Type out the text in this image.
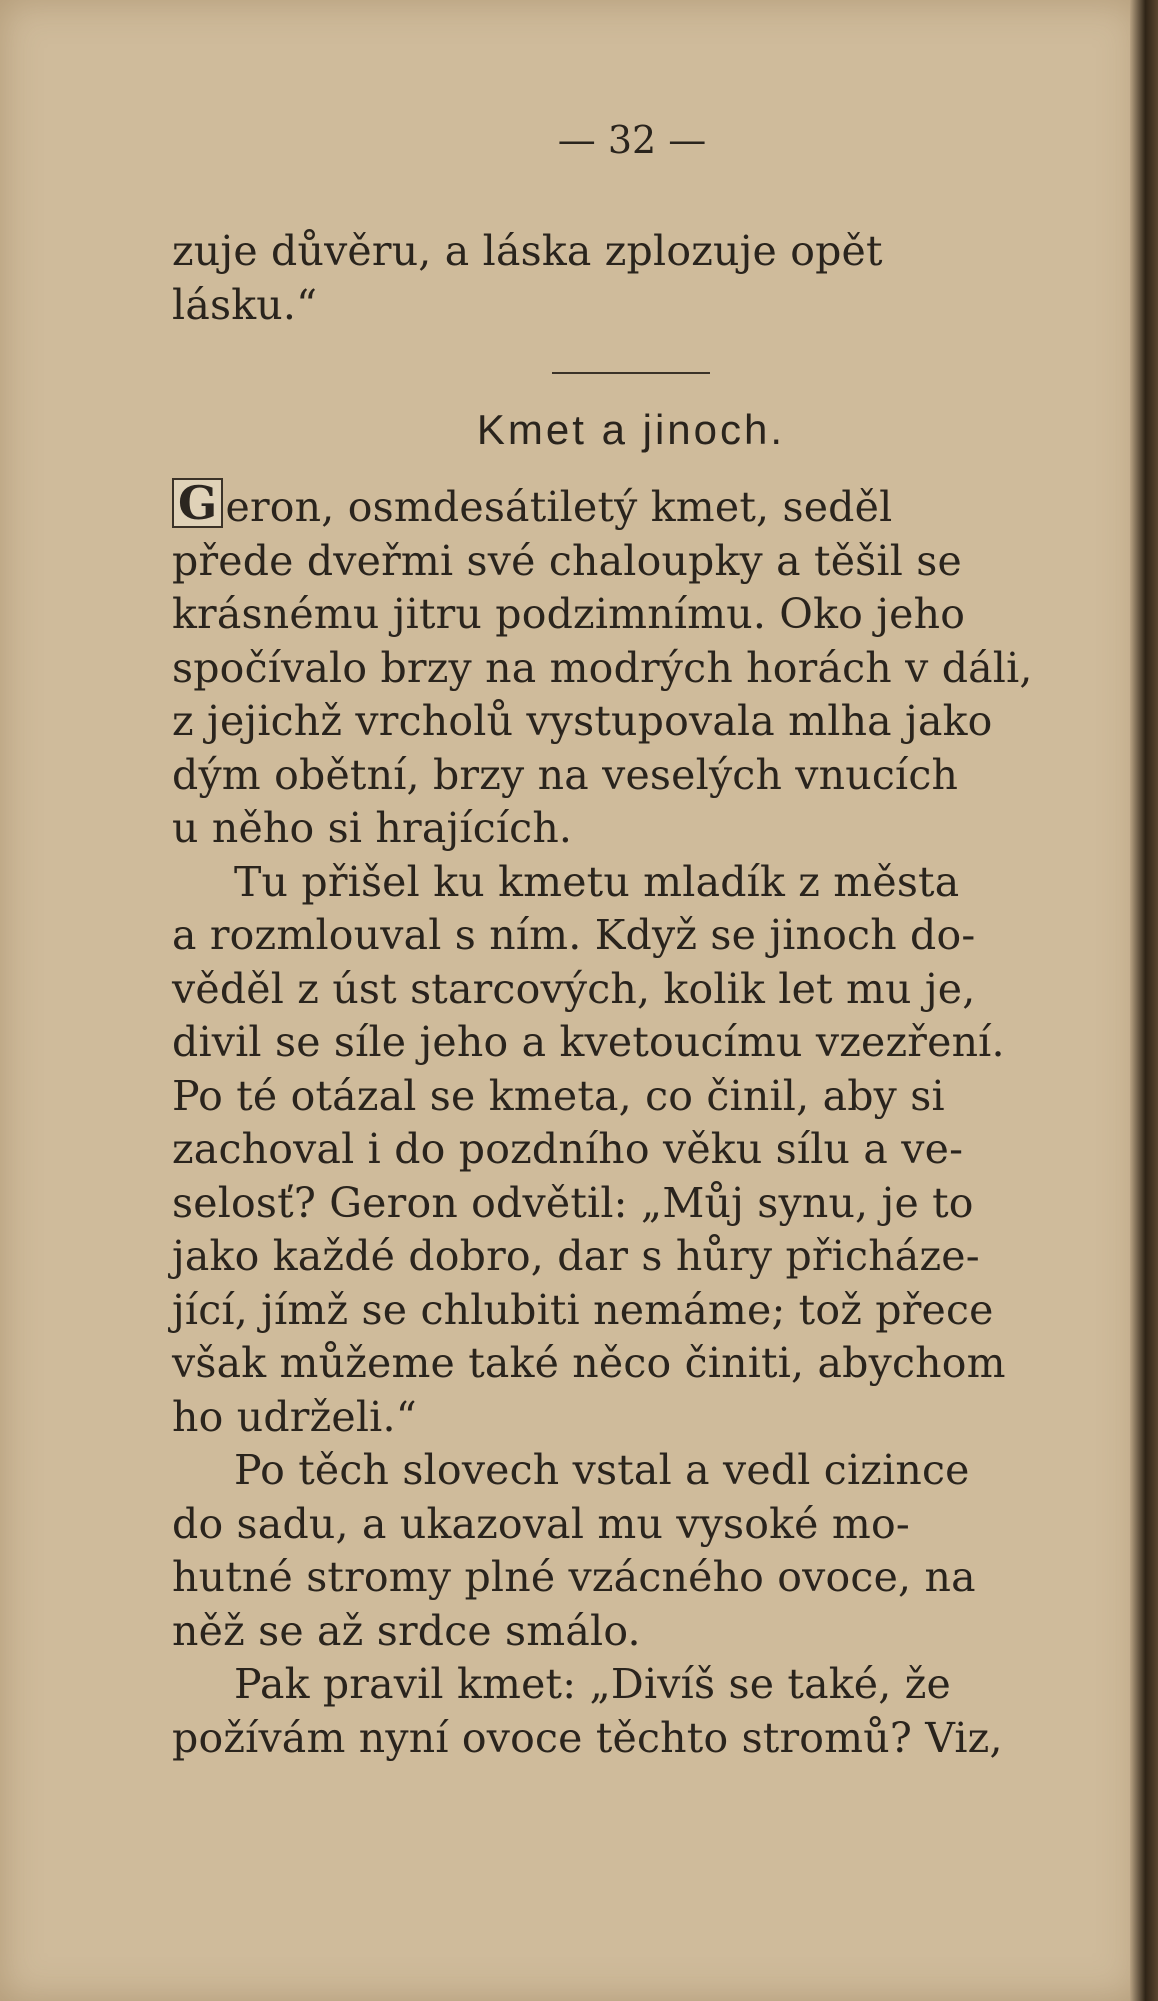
— 32 —
zuje důvěru, a láska zplozuje opět
lásku.“
Kmet a jinoch.
G eron, osmdesátiletý kmet, seděl
přede dveřmi své chaloupky a těšil se
krásnému jitru podzimnímu. Oko jeho
spočívalo brzy na modrých horách v dáli,
z jejichž vrcholů vystupovala mlha jako
dým obětní, brzy na veselých vnucích
u něho si hrajících.
Tu přišel ku kmetu mladík z města
a rozmlouval s ním. Když se jinoch do-
věděl z úst starcových, kolik let mu je,
divil se síle jeho a kvetoucímu vzezření.
Po té otázal se kmeta, co činil, aby si
zachoval i do pozdního věku sílu a ve-
selosť? Geron odvětil: „Můj synu, je to
jako každé dobro, dar s hůry přicháze-
jící, jímž se chlubiti nemáme; tož přece
však můžeme také něco činiti, abychom
ho udrželi.“
Po těch slovech vstal a vedl cizince
do sadu, a ukazoval mu vysoké mo-
hutné stromy plné vzácného ovoce, na
něž se až srdce smálo.
Pak pravil kmet: „Divíš se také, že
požívám nyní ovoce těchto stromů? Viz,
